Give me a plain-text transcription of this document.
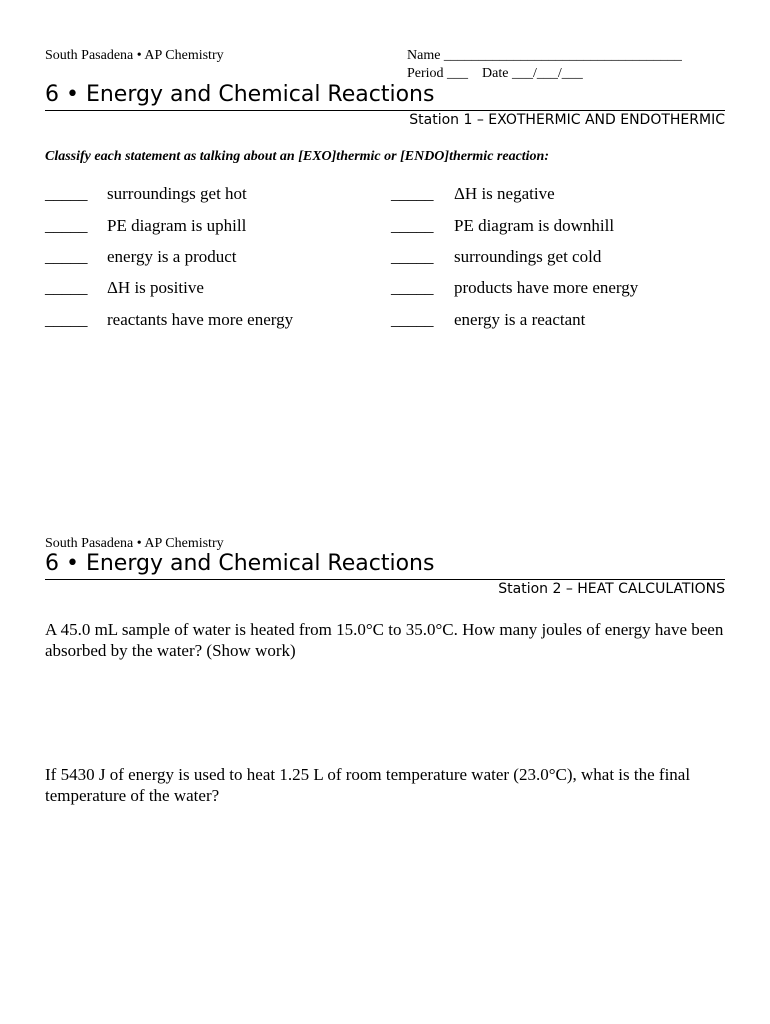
South Pasadena • AP Chemistry	Name __________________________________
Period ___    Date ___/___/___
6 • Energy and Chemical Reactions
Station 1 – EXOTHERMIC AND ENDOTHERMIC
Classify each statement as talking about an [EXO]thermic or [ENDO]thermic reaction:
_____ surroundings get hot
_____ PE diagram is uphill
_____ energy is a product
_____ ΔH is positive
_____ reactants have more energy
_____ ΔH is negative
_____ PE diagram is downhill
_____ surroundings get cold
_____ products have more energy
_____ energy is a reactant
South Pasadena • AP Chemistry
6 • Energy and Chemical Reactions
Station 2 – HEAT CALCULATIONS
A 45.0 mL sample of water is heated from 15.0°C to 35.0°C. How many joules of energy have been absorbed by the water? (Show work)
If 5430 J of energy is used to heat 1.25 L of room temperature water (23.0°C), what is the final temperature of the water?
